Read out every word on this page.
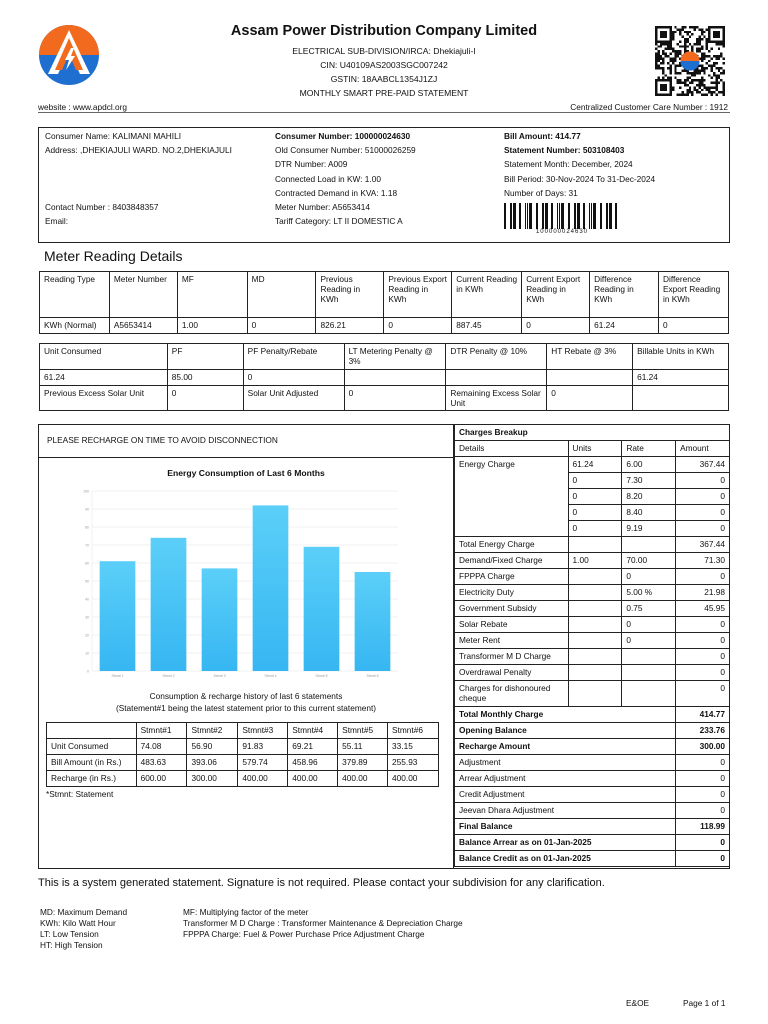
Assam Power Distribution Company Limited
ELECTRICAL SUB-DIVISION/IRCA: Dhekiajuli-I
CIN: U40109AS2003SGC007242
GSTIN: 18AABCL1354J1ZJ
MONTHLY SMART PRE-PAID STATEMENT
website : www.apdcl.org	Centralized Customer Care Number : 1912
Consumer Name: KALIMANI MAHILI
Address: ,DHEKIAJULI WARD. NO.2,DHEKIAJULI
Contact Number : 8403848357
Email:
Consumer Number: 100000024630
Old Consumer Number: 51000026259
DTR Number: A009
Connected Load in KW: 1.00
Contracted Demand in KVA: 1.18
Meter Number: A5653414
Tariff Category: LT II DOMESTIC A
Bill Amount: 414.77
Statement Number: 503108403
Statement Month: December, 2024
Bill Period: 30-Nov-2024 To 31-Dec-2024
Number of Days: 31
100000024630
Meter Reading Details
Reading Type	Meter Number	MF	MD	Previous Reading in KWh	Previous Export Reading in KWh	Current Reading in KWh	Current Export Reading in KWh	Difference Reading in KWh	Difference Export Reading in KWh
KWh (Normal)	A5653414	1.00	0	826.21	0	887.45	0	61.24	0
Unit Consumed	PF	PF Penalty/Rebate	LT Metering Penalty @ 3%	DTR Penalty @ 10%	HT Rebate @ 3%	Billable Units in KWh
61.24	85.00	0				61.24
Previous Excess Solar Unit	0	Solar Unit Adjusted	0	Remaining Excess Solar Unit	0	
PLEASE RECHARGE ON TIME TO AVOID DISCONNECTION
Energy Consumption of Last 6 Months
0
10
20
30
40
50
60
70
80
90
100
Stmnt 1	Stmnt 2	Stmnt 3	Stmnt 4	Stmnt 5	Stmnt 6
Consumption & recharge history of last 6 statements
(Statement#1 being the latest statement prior to this current statement)
	Stmnt#1	Stmnt#2	Stmnt#3	Stmnt#4	Stmnt#5	Stmnt#6
Unit Consumed	74.08	56.90	91.83	69.21	55.11	33.15
Bill Amount (in Rs.)	483.63	393.06	579.74	458.96	379.89	255.93
Recharge (in Rs.)	600.00	300.00	400.00	400.00	400.00	400.00
*Stmnt: Statement
Charges Breakup			
Details	Units	Rate	Amount
Energy Charge	61.24	6.00	367.44
	0	7.30	0
	0	8.20	0
	0	8.40	0
	0	9.19	0
Total Energy Charge			367.44
Demand/Fixed Charge	1.00	70.00	71.30
FPPPA Charge		0	0
Electricity Duty		5.00 %	21.98
Government Subsidy		0.75	45.95
Solar Rebate		0	0
Meter Rent		0	0
Transformer M D Charge			0
Overdrawal Penalty			0
Charges for dishonoured cheque			0
Total Monthly Charge			414.77
Opening Balance			233.76
Recharge Amount			300.00
Adjustment			0
Arrear Adjustment			0
Credit Adjustment			0
Jeevan Dhara Adjustment			0
Final Balance			118.99
Balance Arrear as on 01-Jan-2025			0
Balance Credit as on 01-Jan-2025			0
This is a system generated statement. Signature is not required. Please contact your subdivision for any clarification.
MD: Maximum Demand
KWh: Kilo Watt Hour
LT: Low Tension
HT: High Tension
MF: Multiplying factor of the meter
Transformer M D Charge : Transformer Maintenance & Depreciation Charge
FPPPA Charge: Fuel & Power Purchase Price Adjustment Charge
E&OE	Page 1 of 1
